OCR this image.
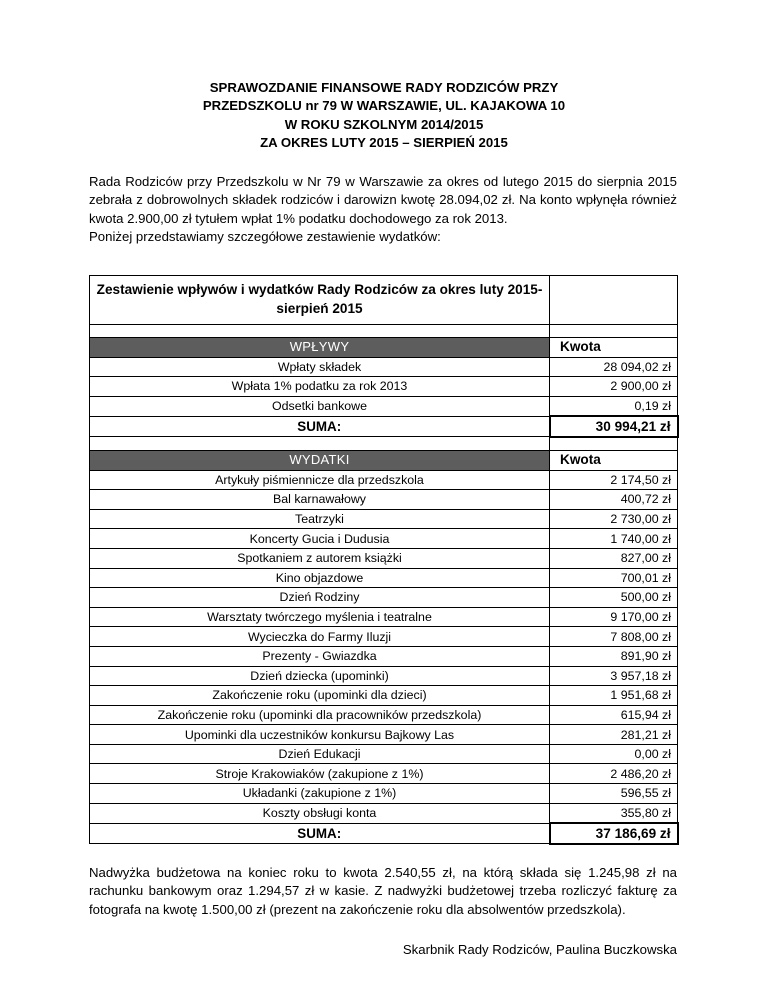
SPRAWOZDANIE FINANSOWE RADY RODZICÓW PRZY
PRZEDSZKOLU nr 79 W WARSZAWIE, UL. KAJAKOWA 10
W ROKU SZKOLNYM 2014/2015
ZA OKRES LUTY 2015 – SIERPIEŃ 2015

Rada Rodziców przy Przedszkolu w Nr 79 w Warszawie za okres od lutego 2015 do sierpnia 2015 zebrała z dobrowolnych składek rodziców i darowizn kwotę 28.094,02 zł. Na konto wpłynęła również kwota 2.900,00 zł tytułem wpłat 1% podatku dochodowego za rok 2013.

Poniżej przedstawiamy szczegółowe zestawienie wydatków:

Zestawienie wpływów i wydatków Rady Rodziców za okres luty 2015- sierpień 2015	

WPŁYWY	Kwota
Wpłaty składek	28 094,02 zł
Wpłata 1% podatku za rok 2013	2 900,00 zł
Odsetki bankowe	0,19 zł
SUMA:	30 994,21 zł

WYDATKI	Kwota
Artykuły piśmiennicze dla przedszkola	2 174,50 zł
Bal karnawałowy	400,72 zł
Teatrzyki	2 730,00 zł
Koncerty Gucia i Dudusia	1 740,00 zł
Spotkaniem z autorem książki	827,00 zł
Kino objazdowe	700,01 zł
Dzień Rodziny	500,00 zł
Warsztaty twórczego myślenia i teatralne	9 170,00 zł
Wycieczka do Farmy Iluzji	7 808,00 zł
Prezenty - Gwiazdka	891,90 zł
Dzień dziecka (upominki)	3 957,18 zł
Zakończenie roku (upominki dla dzieci)	1 951,68 zł
Zakończenie roku (upominki dla pracowników przedszkola)	615,94 zł
Upominki dla uczestników konkursu Bajkowy Las	281,21 zł
Dzień Edukacji	0,00 zł
Stroje Krakowiaków (zakupione z 1%)	2 486,20 zł
Układanki (zakupione z 1%)	596,55 zł
Koszty obsługi konta	355,80 zł
SUMA:	37 186,69 zł

Nadwyżka budżetowa na koniec roku to kwota 2.540,55 zł, na którą składa się 1.245,98 zł na rachunku bankowym oraz 1.294,57 zł w kasie. Z nadwyżki budżetowej trzeba rozliczyć fakturę za fotografa na kwotę 1.500,00 zł (prezent na zakończenie roku dla absolwentów przedszkola).

Skarbnik Rady Rodziców, Paulina Buczkowska
